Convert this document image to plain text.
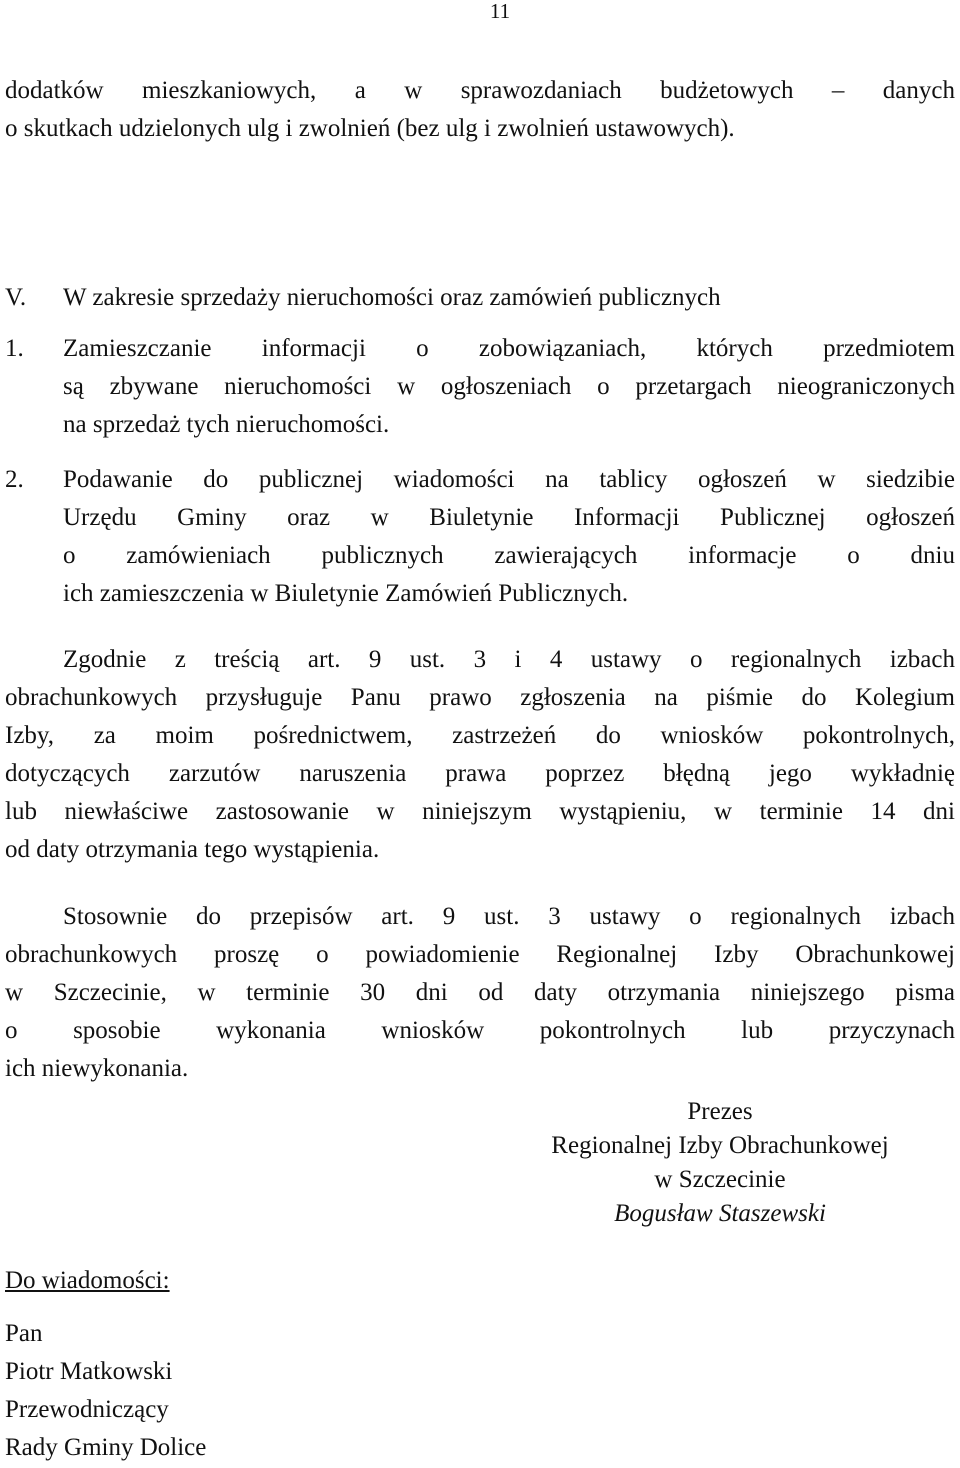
11
dodatków mieszkaniowych, a w sprawozdaniach budżetowych – danych
o skutkach udzielonych ulg i zwolnień (bez ulg i zwolnień ustawowych).
V. W zakresie sprzedaży nieruchomości oraz zamówień publicznych
1.	Zamieszczanie informacji o zobowiązaniach, których przedmiotem
są zbywane nieruchomości w ogłoszeniach o przetargach nieograniczonych
na sprzedaż tych nieruchomości.
2.	Podawanie do publicznej wiadomości na tablicy ogłoszeń w siedzibie
Urzędu Gminy oraz w Biuletynie Informacji Publicznej ogłoszeń
o zamówieniach publicznych zawierających informacje o dniu
ich zamieszczenia w Biuletynie Zamówień Publicznych.
Zgodnie z treścią art. 9 ust. 3 i 4 ustawy o regionalnych izbach
obrachunkowych przysługuje Panu prawo zgłoszenia na piśmie do Kolegium
Izby, za moim pośrednictwem, zastrzeżeń do wniosków pokontrolnych,
dotyczących zarzutów naruszenia prawa poprzez błędną jego wykładnię
lub niewłaściwe zastosowanie w niniejszym wystąpieniu, w terminie 14 dni
od daty otrzymania tego wystąpienia.
Stosownie do przepisów art. 9 ust. 3 ustawy o regionalnych izbach
obrachunkowych proszę o powiadomienie Regionalnej Izby Obrachunkowej
w Szczecinie, w terminie 30 dni od daty otrzymania niniejszego pisma
o sposobie wykonania wniosków pokontrolnych lub przyczynach
ich niewykonania.
Prezes
Regionalnej Izby Obrachunkowej
w Szczecinie
Bogusław Staszewski
Do wiadomości:
Pan
Piotr Matkowski
Przewodniczący
Rady Gminy Dolice
